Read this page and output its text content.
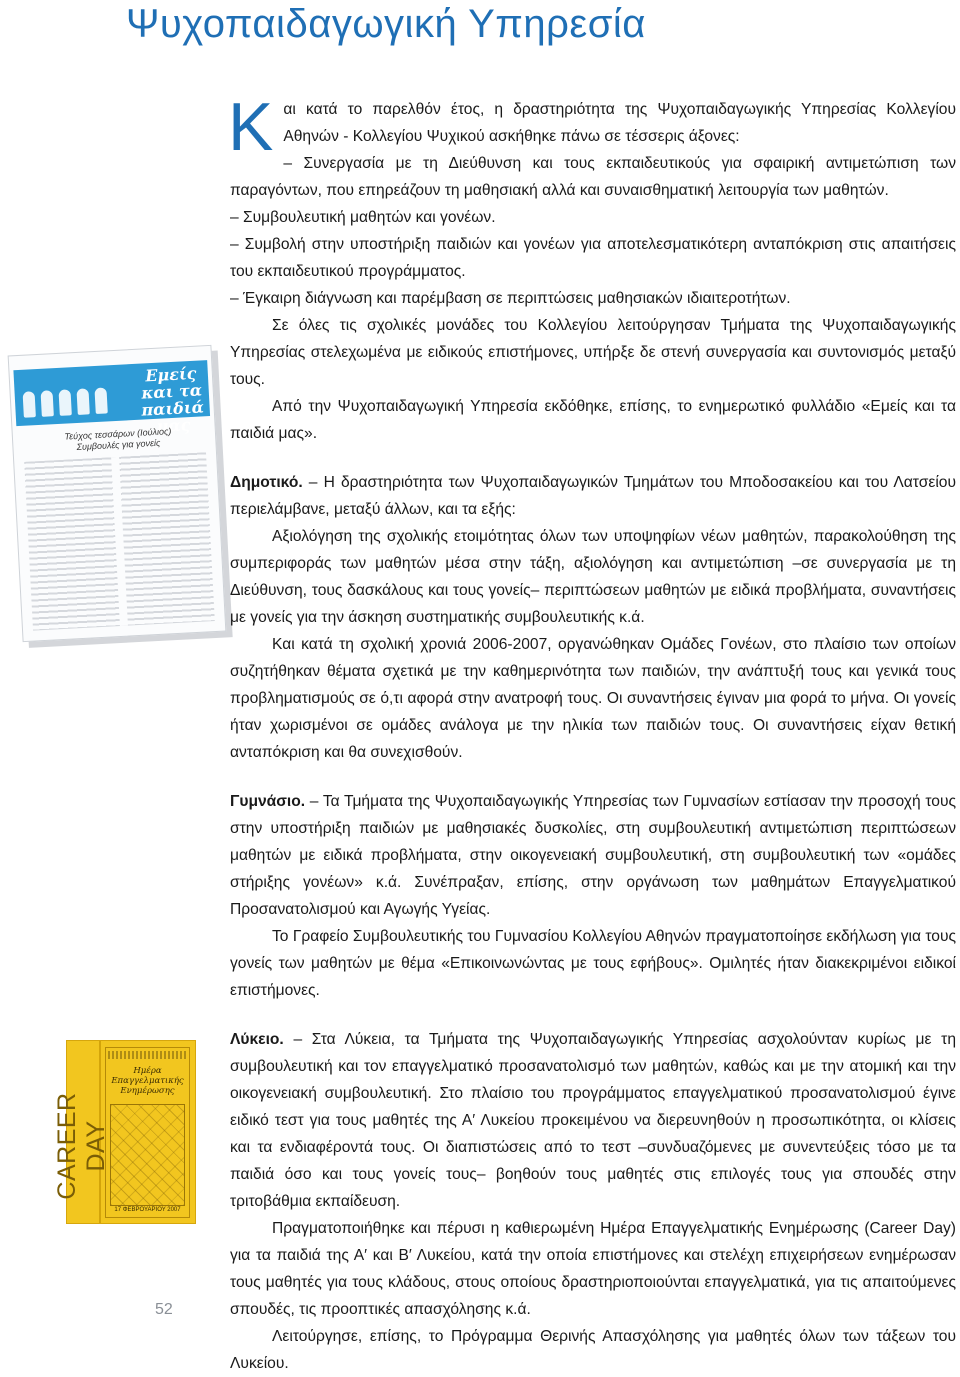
Ψυχοπαιδαγωγική Υπηρεσία
Εμείς και τα παιδιά μας
Τεύχος τεσσάρων (Ιούλιος) Συμβουλές για γονείς
CAREER DAY
Ημέρα Επαγγελματικής Ενημέρωσης
17 ΦΕΒΡΟΥΑΡΙΟΥ 2007

Και κατά το παρελθόν έτος, η δραστηριότητα της Ψυχοπαιδαγωγικής Υπηρεσίας Κολλεγίου Αθηνών - Κολλεγίου Ψυχικού ασκήθηκε πάνω σε τέσσερις άξονες:

– Συνεργασία με τη Διεύθυνση και τους εκπαιδευτικούς για σφαιρική αντιμετώπιση των παραγόντων, που επηρεάζουν τη μαθησιακή αλλά και συναισθηματική λειτουργία των μαθητών.

– Συμβουλευτική μαθητών και γονέων.

– Συμβολή στην υποστήριξη παιδιών και γονέων για αποτελεσματικότερη ανταπόκριση στις απαιτήσεις του εκπαιδευτικού προγράμματος.

– Έγκαιρη διάγνωση και παρέμβαση σε περιπτώσεις μαθησιακών ιδιαιτεροτήτων.

Σε όλες τις σχολικές μονάδες του Κολλεγίου λειτούργησαν Τμήματα της Ψυχοπαιδαγωγικής Υπηρεσίας στελεχωμένα με ειδικούς επιστήμονες, υπήρξε δε στενή συνεργασία και συντονισμός μεταξύ τους.

Από την Ψυχοπαιδαγωγική Υπηρεσία εκδόθηκε, επίσης, το ενημερωτικό φυλλάδιο «Εμείς και τα παιδιά μας».

Δημοτικό. – Η δραστηριότητα των Ψυχοπαιδαγωγικών Τμημάτων του Μποδοσακείου και του Λατσείου περιελάμβανε, μεταξύ άλλων, και τα εξής:

Αξιολόγηση της σχολικής ετοιμότητας όλων των υποψηφίων νέων μαθητών, παρακολούθηση της συμπεριφοράς των μαθητών μέσα στην τάξη, αξιολόγηση και αντιμετώπιση –σε συνεργασία με τη Διεύθυνση, τους δασκάλους και τους γονείς– περιπτώσεων μαθητών με ειδικά προβλήματα, συναντήσεις με γονείς για την άσκηση συστηματικής συμβουλευτικής κ.ά.

Και κατά τη σχολική χρονιά 2006-2007, οργανώθηκαν Ομάδες Γονέων, στο πλαίσιο των οποίων συζητήθηκαν θέματα σχετικά με την καθημερινότητα των παιδιών, την ανάπτυξή τους και γενικά τους προβληματισμούς σε ό,τι αφορά στην ανατροφή τους. Οι συναντήσεις έγιναν μια φορά το μήνα. Οι γονείς ήταν χωρισμένοι σε ομάδες ανάλογα με την ηλικία των παιδιών τους. Οι συναντήσεις είχαν θετική ανταπόκριση και θα συνεχισθούν.

Γυμνάσιο. – Τα Τμήματα της Ψυχοπαιδαγωγικής Υπηρεσίας των Γυμνασίων εστίασαν την προσοχή τους στην υποστήριξη παιδιών με μαθησιακές δυσκολίες, στη συμβουλευτική αντιμετώπιση περιπτώσεων μαθητών με ειδικά προβλήματα, στην οικογενειακή συμβουλευτική, στη συμβουλευτική των «ομάδες στήριξης γονέων» κ.ά. Συνέπραξαν, επίσης, στην οργάνωση των μαθημάτων Επαγγελματικού Προσανατολισμού και Αγωγής Υγείας.

Το Γραφείο Συμβουλευτικής του Γυμνασίου Κολλεγίου Αθηνών πραγματοποίησε εκδήλωση για τους γονείς των μαθητών με θέμα «Επικοινωνώντας με τους εφήβους». Ομιλητές ήταν διακεκριμένοι ειδικοί επιστήμονες.

Λύκειο. – Στα Λύκεια, τα Τμήματα της Ψυχοπαιδαγωγικής Υπηρεσίας ασχολούνταν κυρίως με τη συμβουλευτική και τον επαγγελματικό προσανατολισμό των μαθητών, καθώς και με την ατομική και την οικογενειακή συμβουλευτική. Στο πλαίσιο του προγράμματος επαγγελματικού προσανατολισμού έγινε ειδικό τεστ για τους μαθητές της Α′ Λυκείου προκειμένου να διερευνηθούν η προσωπικότητα, οι κλίσεις και τα ενδιαφέροντά τους. Οι διαπιστώσεις από το τεστ –συνδυαζόμενες με συνεντεύξεις τόσο με τα παιδιά όσο και τους γονείς τους– βοηθούν τους μαθητές στις επιλογές τους για σπουδές στην τριτοβάθμια εκπαίδευση.

Πραγματοποιήθηκε και πέρυσι η καθιερωμένη Ημέρα Επαγγελματικής Ενημέρωσης (Career Day) για τα παιδιά της Α′ και Β′ Λυκείου, κατά την οποία επιστήμονες και στελέχη επιχειρήσεων ενημέρωσαν τους μαθητές για τους κλάδους, στους οποίους δραστηριοποιούνται επαγγελματικά, για τις απαιτούμενες σπουδές, τις προοπτικές απασχόλησης κ.ά.

Λειτούργησε, επίσης, το Πρόγραμμα Θερινής Απασχόλησης για μαθητές όλων των τάξεων του Λυκείου.

52
